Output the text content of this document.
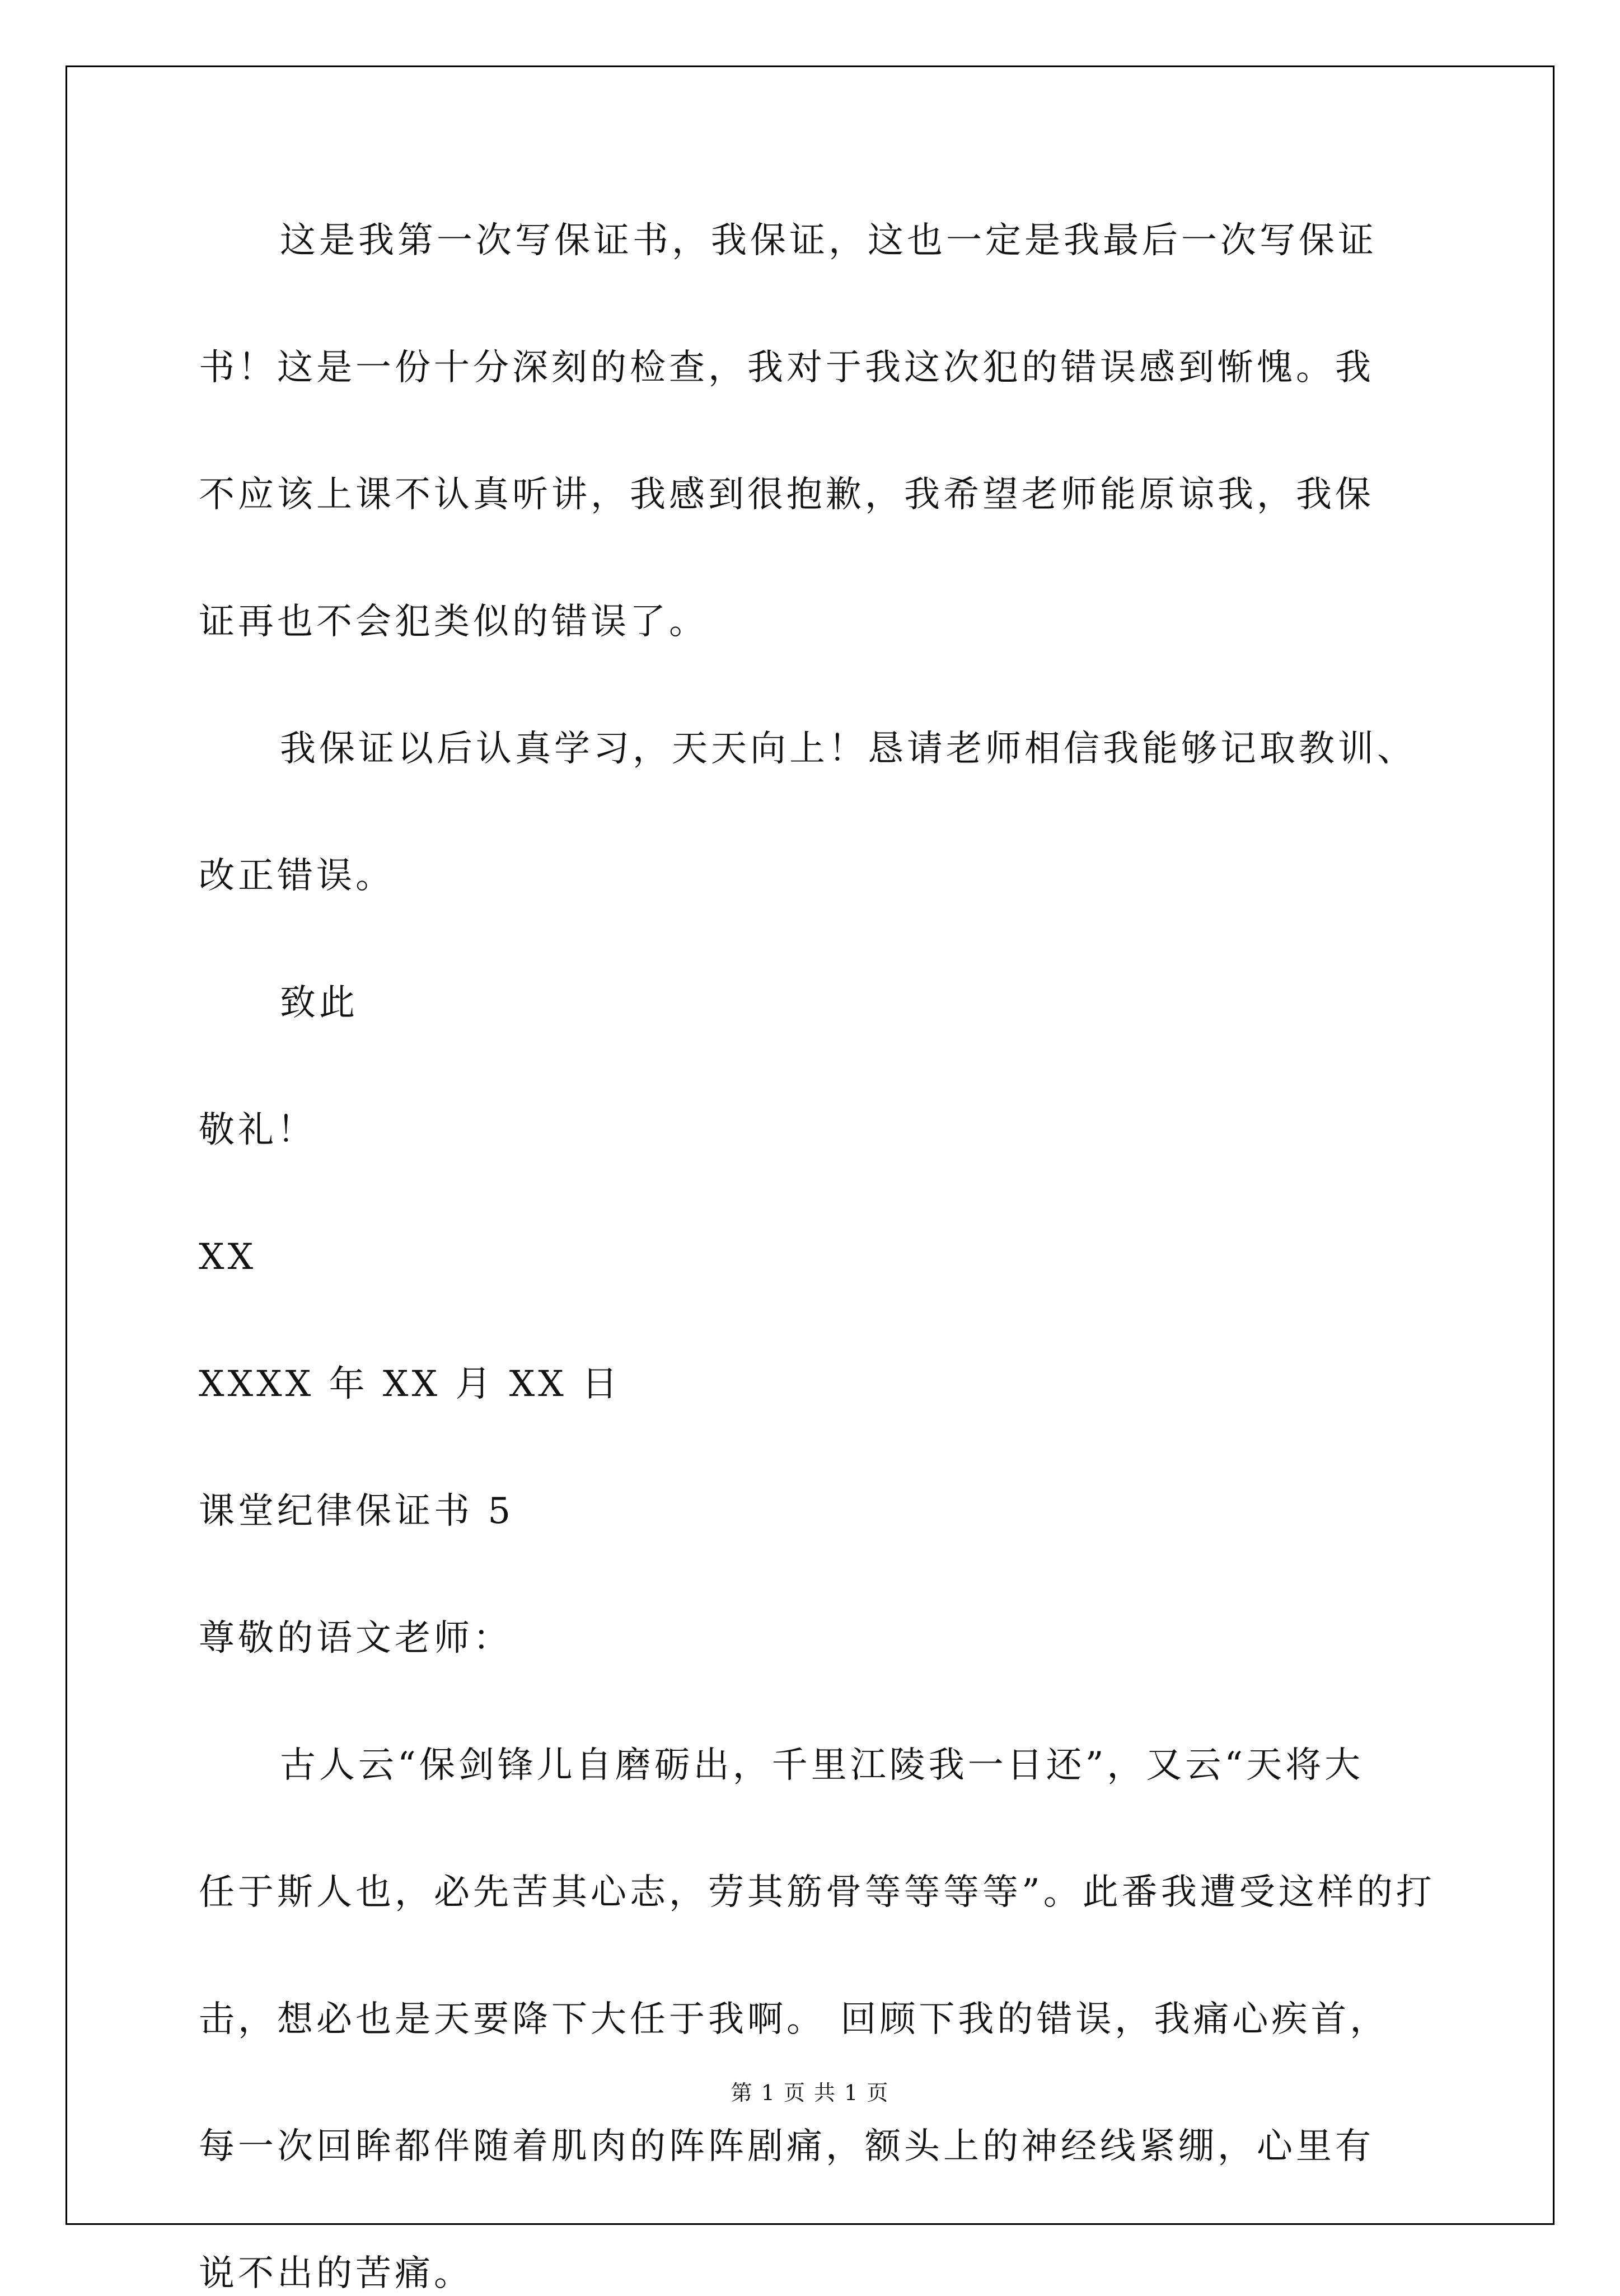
这是我第一次写保证书，我保证，这也一定是我最后一次写保证
书！这是一份十分深刻的检查，我对于我这次犯的错误感到惭愧。我
不应该上课不认真听讲，我感到很抱歉，我希望老师能原谅我，我保
证再也不会犯类似的错误了。
我保证以后认真学习，天天向上！恳请老师相信我能够记取教训、
改正错误。
致此
敬礼！
XX
XXXX 年 XX 月 XX 日
课堂纪律保证书 5
尊敬的语文老师：
古人云“保剑锋儿自磨砺出，千里江陵我一日还”，又云“天将大
任于斯人也，必先苦其心志，劳其筋骨等等等等”。此番我遭受这样的打
击，想必也是天要降下大任于我啊。 回顾下我的错误，我痛心疾首，
每一次回眸都伴随着肌肉的阵阵剧痛，额头上的神经线紧绷，心里有
说不出的苦痛。
第 1 页 共 1 页
